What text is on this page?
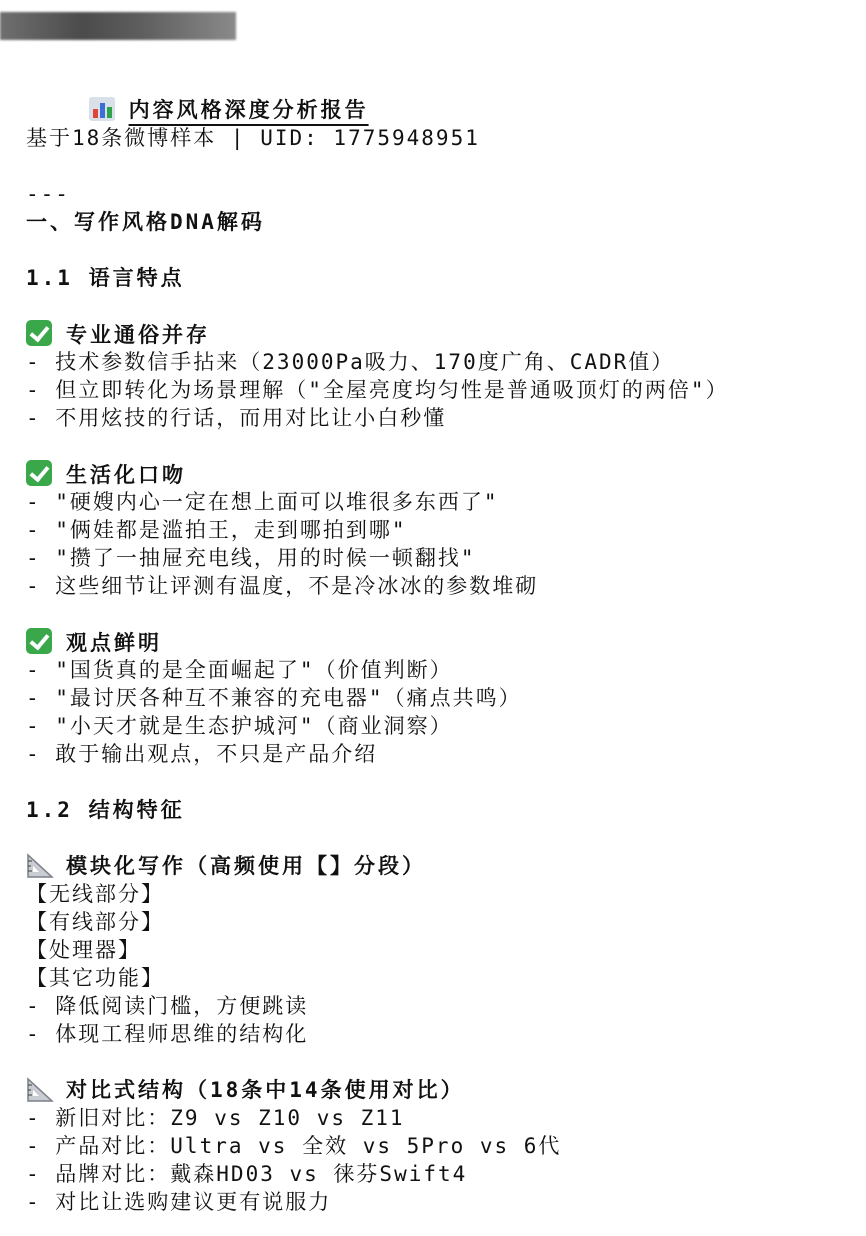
内容风格深度分析报告

基于18条微博样本 | UID: 1775948951
---
一、写作风格DNA解码
1.1 语言特点
专业通俗并存
- 技术参数信手拈来（23000Pa吸力、170度广角、CADR值）
- 但立即转化为场景理解（"全屋亮度均匀性是普通吸顶灯的两倍"）
- 不用炫技的行话，而用对比让小白秒懂
生活化口吻
- "硬嫂内心一定在想上面可以堆很多东西了"
- "俩娃都是滥拍王，走到哪拍到哪"
- "攒了一抽屉充电线，用的时候一顿翻找"
- 这些细节让评测有温度，不是冷冰冰的参数堆砌
观点鲜明
- "国货真的是全面崛起了"（价值判断）
- "最讨厌各种互不兼容的充电器"（痛点共鸣）
- "小天才就是生态护城河"（商业洞察）
- 敢于输出观点，不只是产品介绍
1.2 结构特征
模块化写作（高频使用【】分段）
【无线部分】
【有线部分】
【处理器】
【其它功能】
- 降低阅读门槛，方便跳读
- 体现工程师思维的结构化
对比式结构（18条中14条使用对比）
- 新旧对比：Z9 vs Z10 vs Z11
- 产品对比：Ultra vs 全效 vs 5Pro vs 6代
- 品牌对比：戴森HD03 vs 徕芬Swift4
- 对比让选购建议更有说服力
